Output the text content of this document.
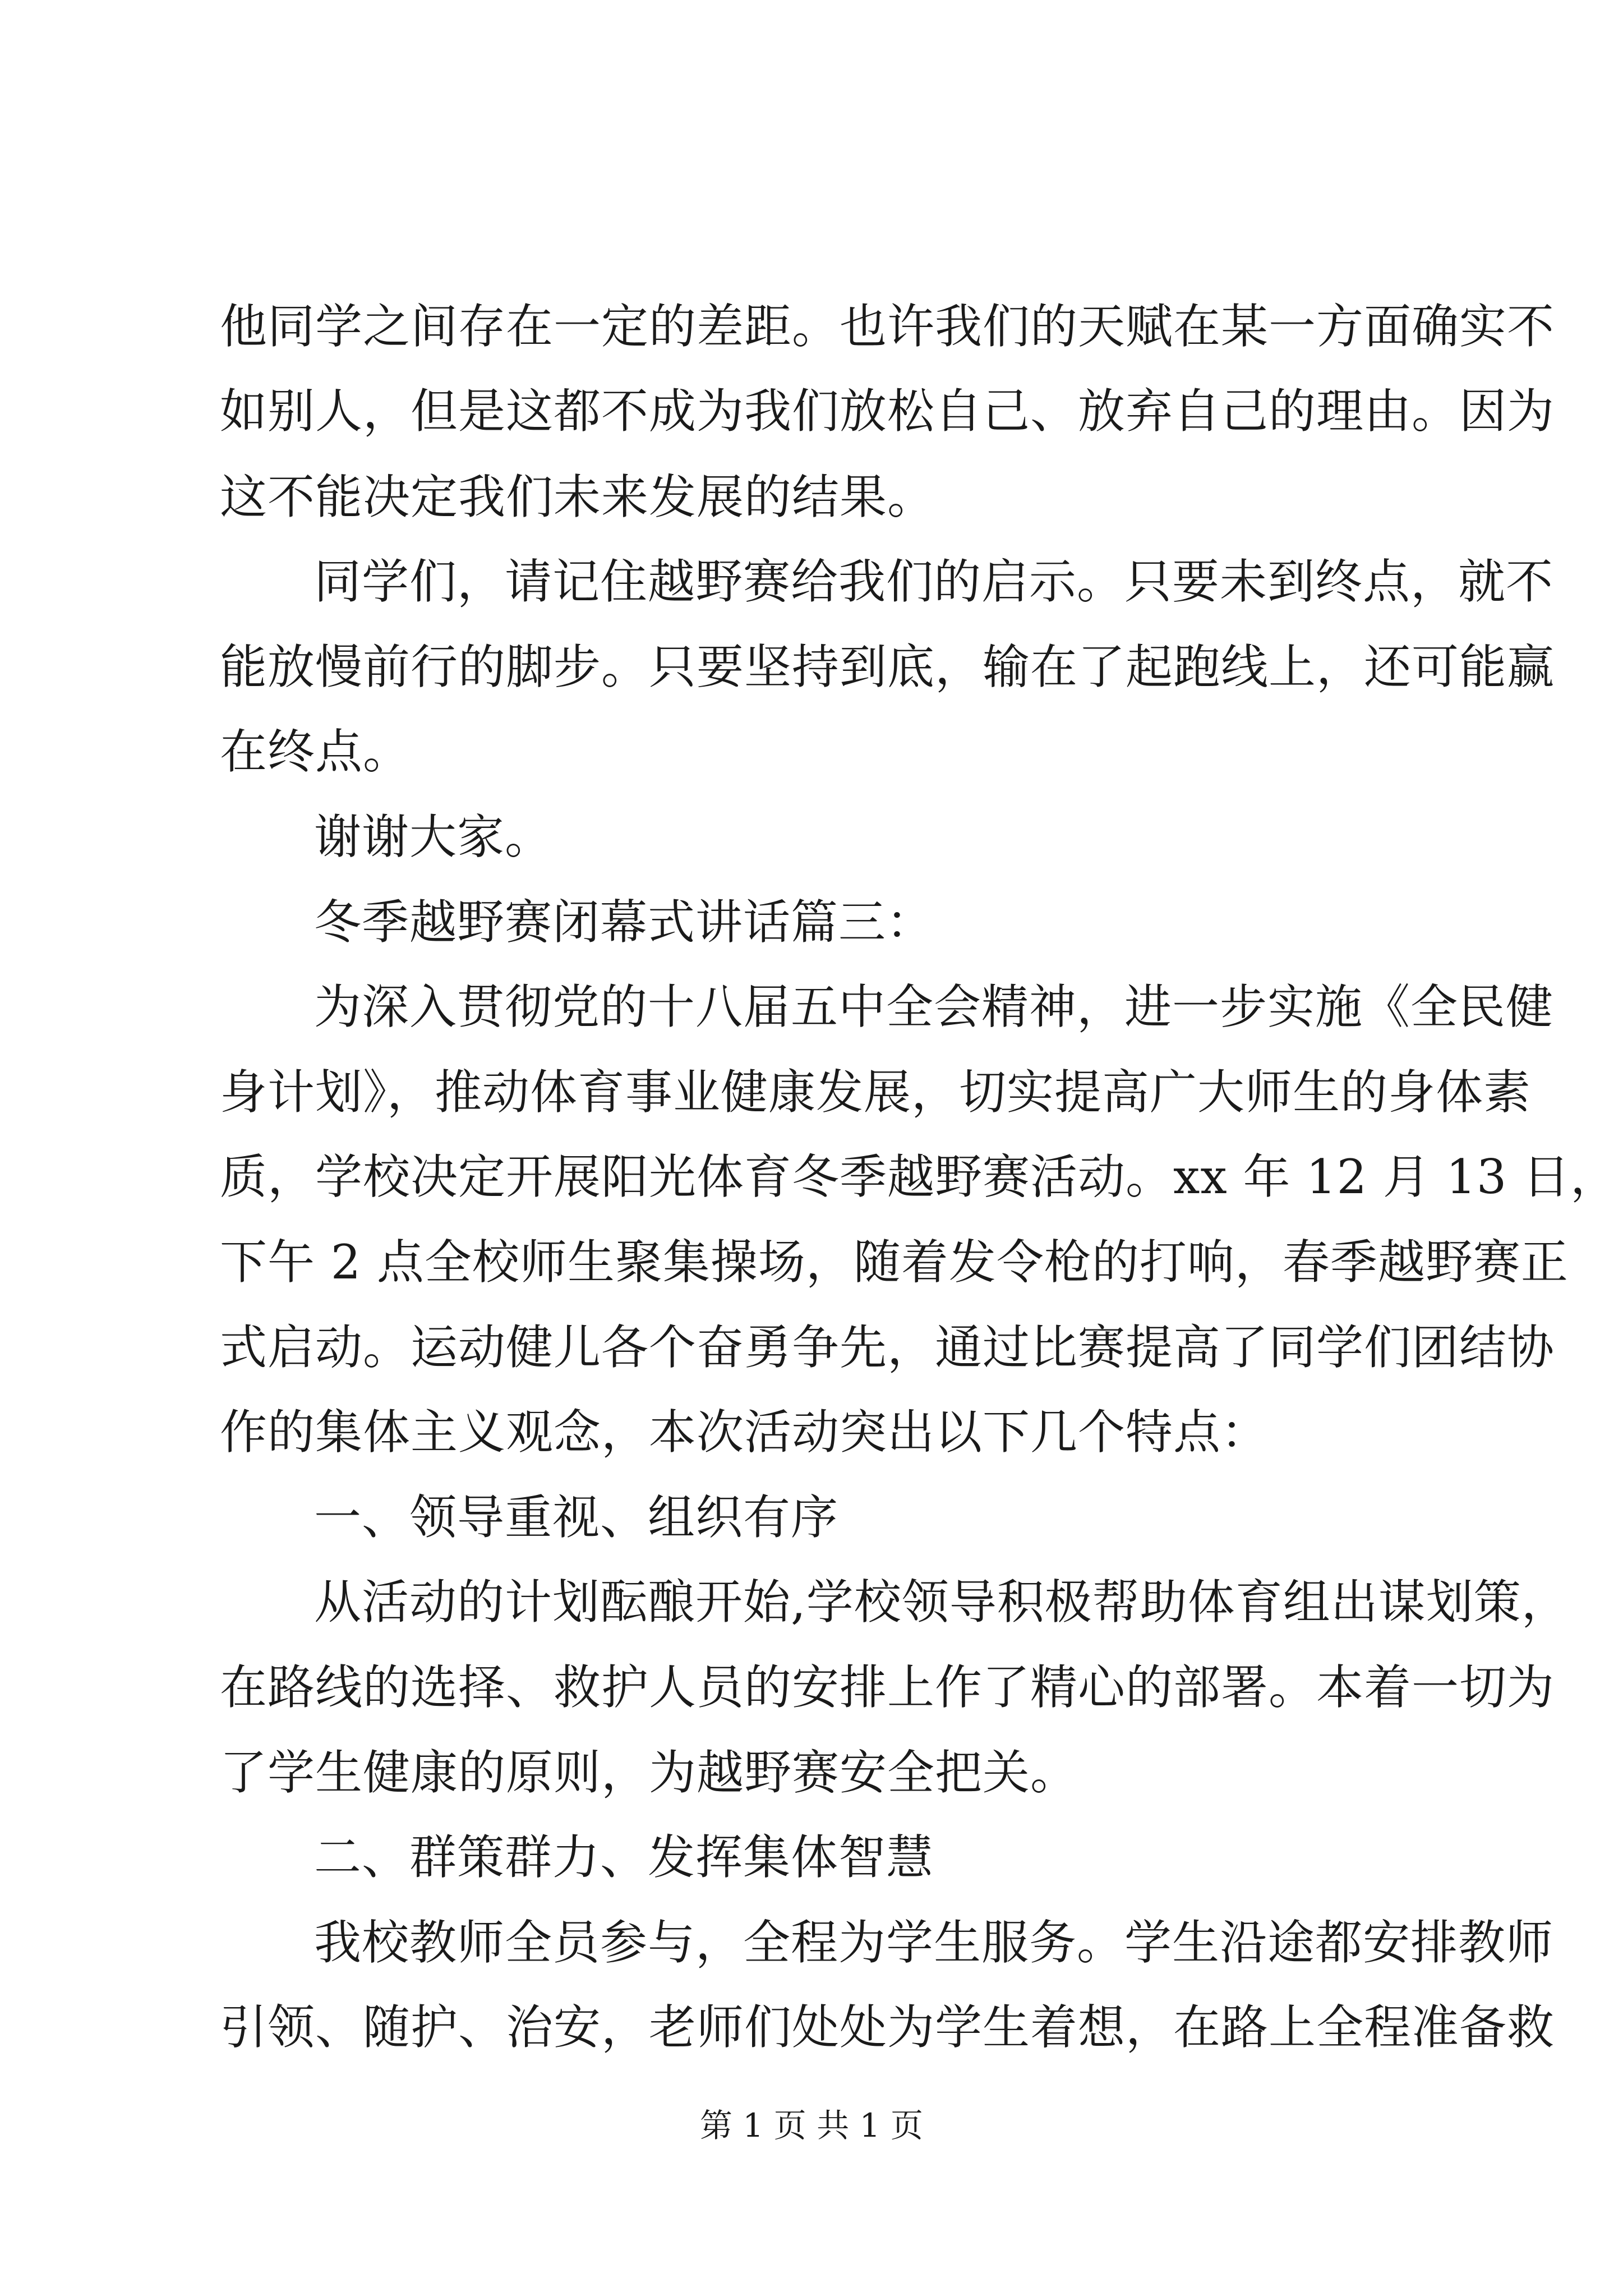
他同学之间存在一定的差距。也许我们的天赋在某一方面确实不
如别人，但是这都不成为我们放松自己、放弃自己的理由。因为
这不能决定我们未来发展的结果。
同学们，请记住越野赛给我们的启示。只要未到终点，就不
能放慢前行的脚步。只要坚持到底，输在了起跑线上，还可能赢
在终点。
谢谢大家。
冬季越野赛闭幕式讲话篇三：
为深入贯彻党的十八届五中全会精神，进一步实施《全民健
身计划》，推动体育事业健康发展，切实提高广大师生的身体素
质，学校决定开展阳光体育冬季越野赛活动。xx 年 12 月 13 日，
下午 2 点全校师生聚集操场，随着发令枪的打响，春季越野赛正
式启动。运动健儿各个奋勇争先，通过比赛提高了同学们团结协
作的集体主义观念，本次活动突出以下几个特点：
一、领导重视、组织有序
从活动的计划酝酿开始,学校领导积极帮助体育组出谋划策，
在路线的选择、救护人员的安排上作了精心的部署。本着一切为
了学生健康的原则，为越野赛安全把关。
二、群策群力、发挥集体智慧
我校教师全员参与，全程为学生服务。学生沿途都安排教师
引领、随护、治安，老师们处处为学生着想，在路上全程准备救
第 1 页 共 1 页
